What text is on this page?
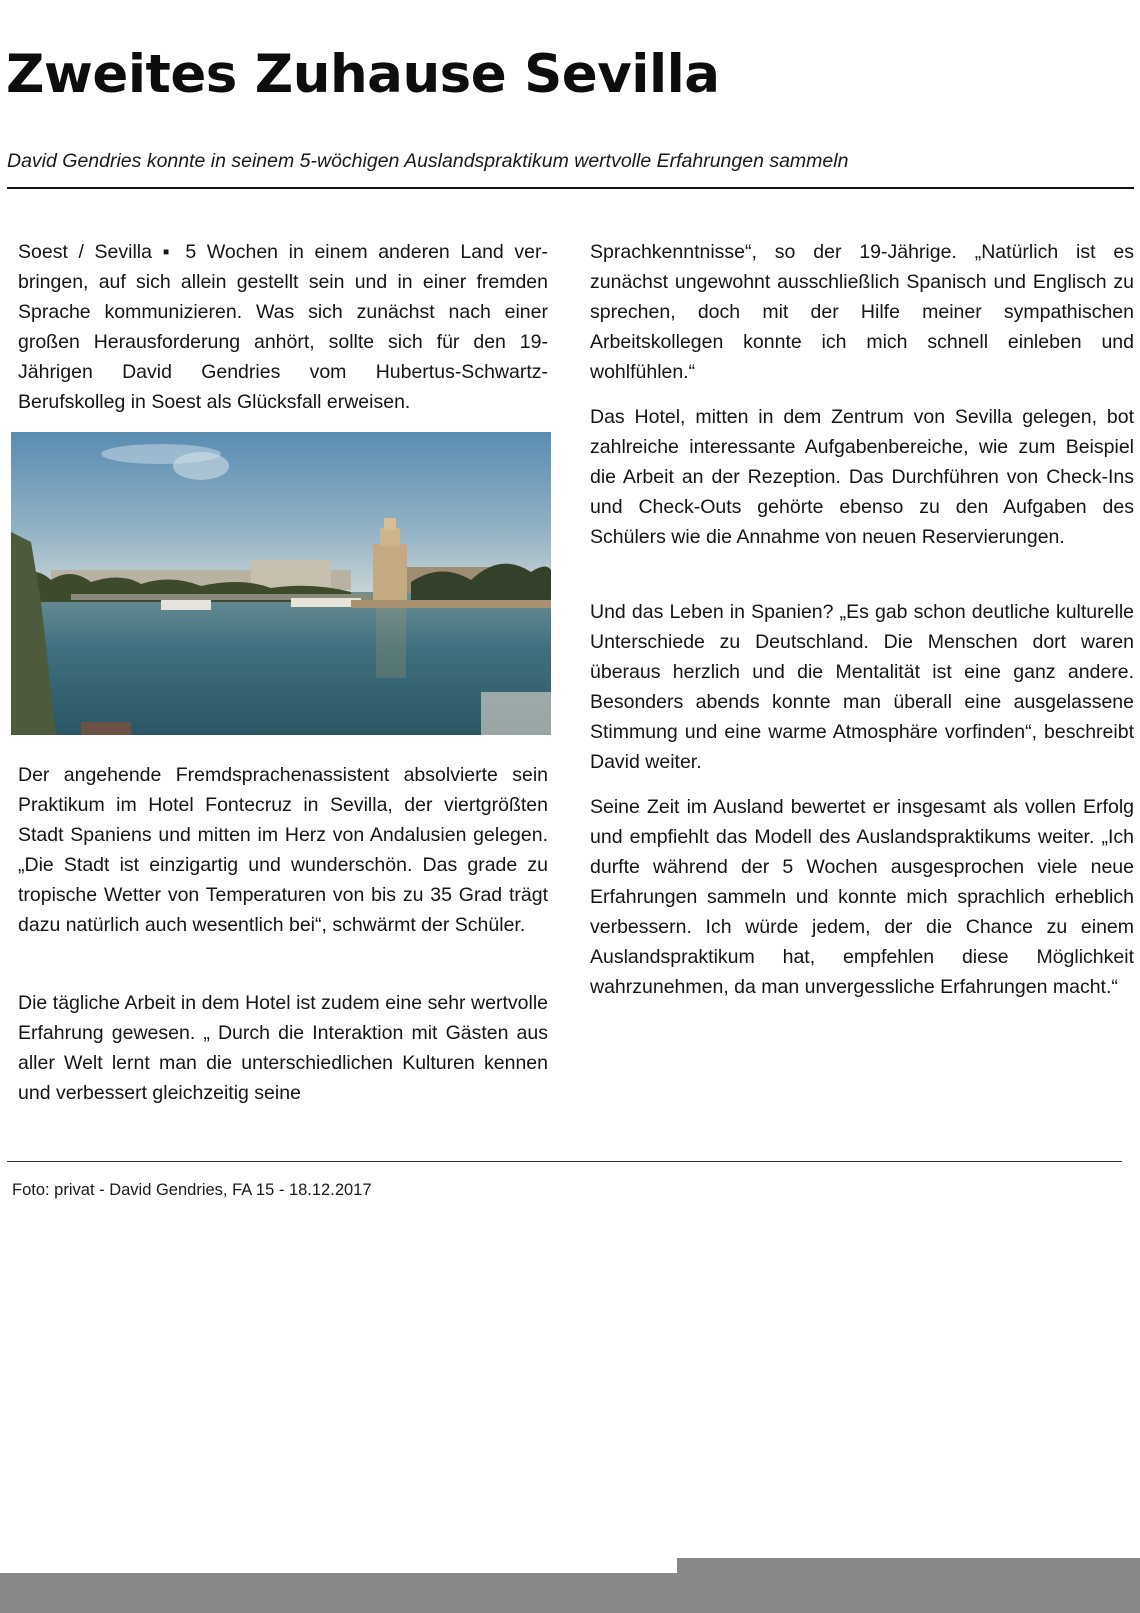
Zweites Zuhause Sevilla

David Gendries konnte in seinem 5-wöchigen Auslandspraktikum wertvolle Erfahrungen sammeln

Soest / Sevilla ▪ 5 Wochen in einem anderen Land verbringen, auf sich allein gestellt sein und in einer fremden Sprache kommunizieren. Was sich zunächst nach einer großen Herausforderung anhört, sollte sich für den 19-Jährigen David Gendries vom Hubertus-Schwartz-Berufskolleg in Soest als Glücksfall erweisen.

Der angehende Fremdsprachenassistent absolvierte sein Praktikum im Hotel Fontecruz in Sevilla, der viertgrößten Stadt Spaniens und mitten im Herz von Andalusien gelegen. „Die Stadt ist einzigartig und wunderschön. Das grade zu tropische Wetter von Temperaturen von bis zu 35 Grad trägt dazu natürlich auch wesentlich bei“, schwärmt der Schüler.

Die tägliche Arbeit in dem Hotel ist zudem eine sehr wertvolle Erfahrung gewesen. „ Durch die Interaktion mit Gästen aus aller Welt lernt man die unterschiedlichen Kulturen kennen und verbessert gleichzeitig seine

Sprachkenntnisse“, so der 19-Jährige. „Natürlich ist es zunächst ungewohnt ausschließlich Spanisch und Englisch zu sprechen, doch mit der Hilfe meiner sympathischen Arbeitskollegen konnte ich mich schnell einleben und wohlfühlen.“

Das Hotel, mitten in dem Zentrum von Sevilla gelegen, bot zahlreiche interessante Aufgabenbereiche, wie zum Beispiel die Arbeit an der Rezeption. Das Durchführen von Check-Ins und Check-Outs gehörte ebenso zu den Aufgaben des Schülers wie die Annahme von neuen Reservierungen.

Und das Leben in Spanien? „Es gab schon deutliche kulturelle Unterschiede zu Deutschland. Die Menschen dort waren überaus herzlich und die Mentalität ist eine ganz andere. Besonders abends konnte man überall eine ausgelassene Stimmung und eine warme Atmosphäre vorfinden“, beschreibt David weiter.

Seine Zeit im Ausland bewertet er insgesamt als vollen Erfolg und empfiehlt das Modell des Auslandspraktikums weiter. „Ich durfte während der 5 Wochen ausgesprochen viele neue Erfahrungen sammeln und konnte mich sprachlich erheblich verbessern. Ich würde jedem, der die Chance zu einem Auslandspraktikum hat, empfehlen diese Möglichkeit wahrzunehmen, da man unvergessliche Erfahrungen macht.“

Foto: privat - David Gendries, FA 15 - 18.12.2017
